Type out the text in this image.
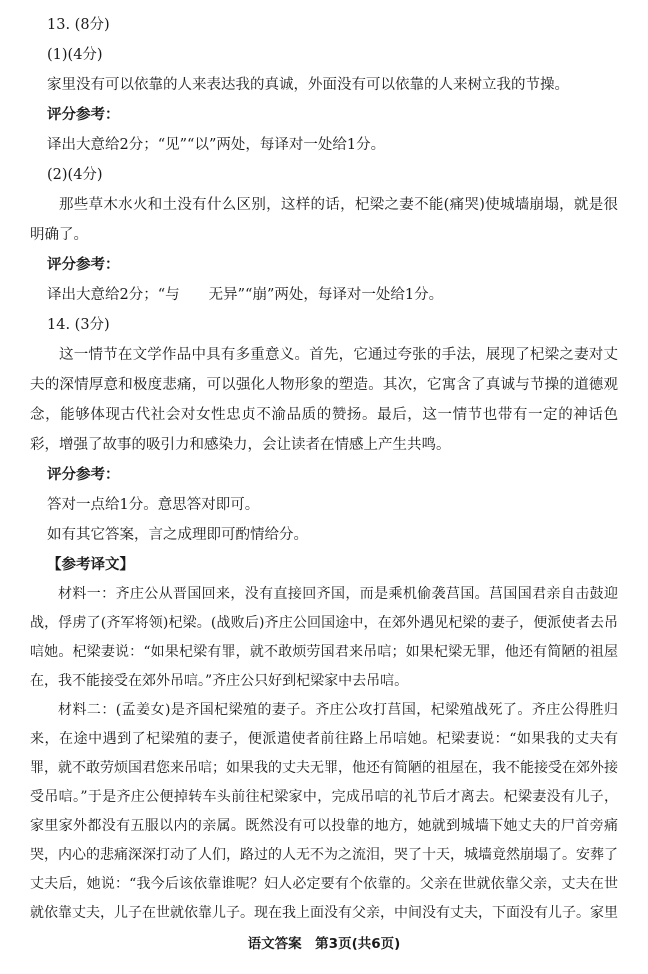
13. (8分)

(1)(4分)

家里没有可以依靠的人来表达我的真诚，外面没有可以依靠的人来树立我的节操。

评分参考：

译出大意给2分；“见”“以”两处，每译对一处给1分。

(2)(4分)

那些草木水火和土没有什么区别，这样的话，杞梁之妻不能(痛哭)使城墙崩塌，就是很明确了。

评分参考：

译出大意给2分；“与　　无异”“崩”两处，每译对一处给1分。

14. (3分)

这一情节在文学作品中具有多重意义。首先，它通过夸张的手法，展现了杞梁之妻对丈夫的深情厚意和极度悲痛，可以强化人物形象的塑造。其次，它寓含了真诚与节操的道德观念，能够体现古代社会对女性忠贞不渝品质的赞扬。最后，这一情节也带有一定的神话色彩，增强了故事的吸引力和感染力，会让读者在情感上产生共鸣。

评分参考：

答对一点给1分。意思答对即可。

如有其它答案，言之成理即可酌情给分。

【参考译文】

材料一：齐庄公从晋国回来，没有直接回齐国，而是乘机偷袭莒国。莒国国君亲自击鼓迎战，俘虏了(齐军将领)杞梁。(战败后)齐庄公回国途中，在郊外遇见杞梁的妻子，便派使者去吊唁她。杞梁妻说：“如果杞梁有罪，就不敢烦劳国君来吊唁；如果杞梁无罪，他还有简陋的祖屋在，我不能接受在郊外吊唁。”齐庄公只好到杞梁家中去吊唁。

材料二：(孟姜女)是齐国杞梁殖的妻子。齐庄公攻打莒国，杞梁殖战死了。齐庄公得胜归来，在途中遇到了杞梁殖的妻子，便派遣使者前往路上吊唁她。杞梁妻说：“如果我的丈夫有罪，就不敢劳烦国君您来吊唁；如果我的丈夫无罪，他还有简陋的祖屋在，我不能接受在郊外接受吊唁。”于是齐庄公便掉转车头前往杞梁家中，完成吊唁的礼节后才离去。杞梁妻没有儿子，家里家外都没有五服以内的亲属。既然没有可以投靠的地方，她就到城墙下她丈夫的尸首旁痛哭，内心的悲痛深深打动了人们，路过的人无不为之流泪，哭了十天，城墙竟然崩塌了。安葬了丈夫后，她说：“我今后该依靠谁呢？妇人必定要有个依靠的。父亲在世就依靠父亲，丈夫在世就依靠丈夫，儿子在世就依靠儿子。现在我上面没有父亲，中间没有丈夫，下面没有儿子。家里

语文答案　第3页(共6页)
